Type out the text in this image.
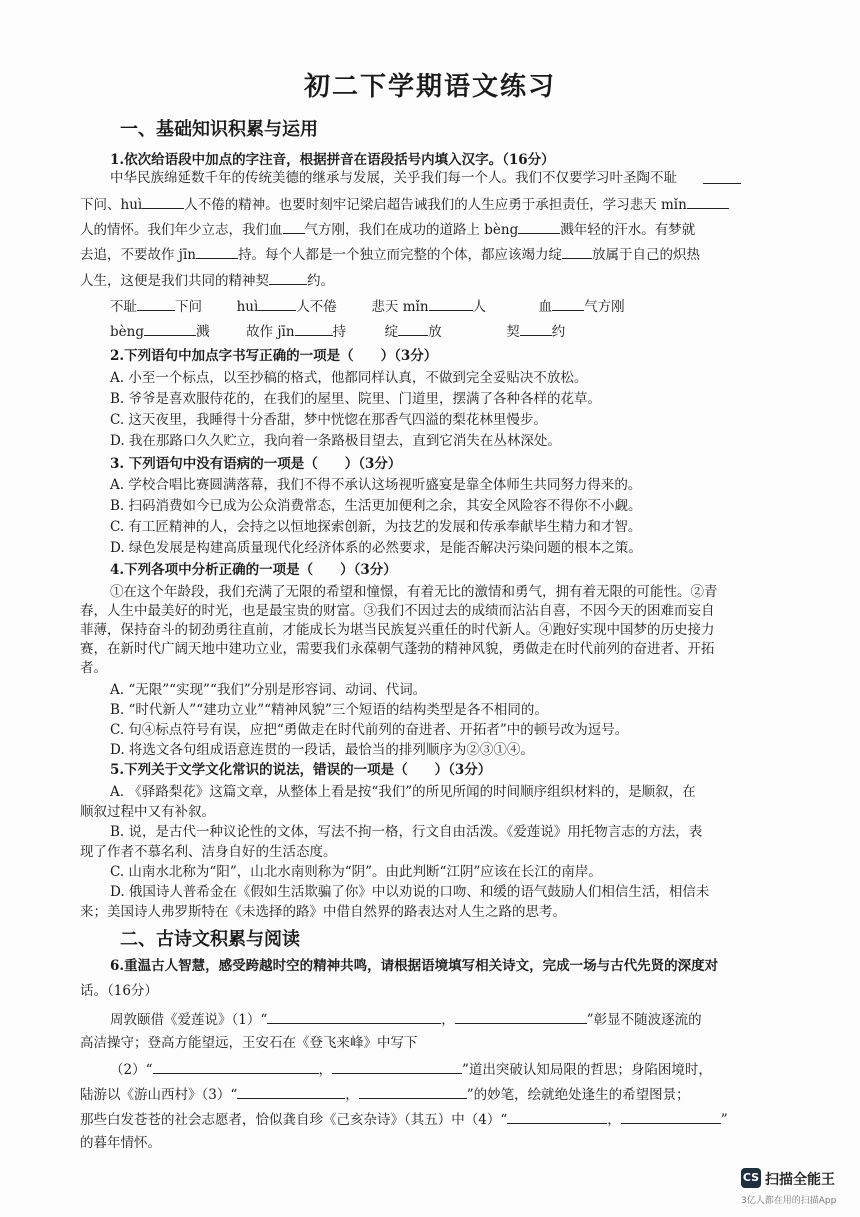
初二下学期语文练习
一、基础知识积累与运用
1.依次给语段中加点的字注音，根据拼音在语段括号内填入汉字。（16分）
中华民族绵延数千年的传统美德的继承与发展，关乎我们每一个人。我们不仅要学习叶圣陶不耻
下问、huì	人不倦的精神。也要时刻牢记梁启超告诫我们的人生应勇于承担责任，学习悲天 mǐn
人的情怀。我们年少立志，我们血 气方刚，我们在成功的道路上 bèng	溅年轻的汗水。有梦就
去追，不要故作 jīn	持。每个人都是一个独立而完整的个体，都应该竭力绽 放属于自己的炽热
人生，这便是我们共同的精神契	约。
不耻	下问	huì	人不倦	悲天 mǐn	人	血 气方刚
bèng	溅	故作 jīn	持	绽 放	契 约
2.下列语句中加点字书写正确的一项是（　　）（3分）
A. 小至一个标点，以至抄稿的格式，他都同样认真，不做到完全妥贴决不放松。
B. 爷爷是喜欢服侍花的，在我们的屋里、院里、门道里，摆满了各种各样的花草。
C. 这天夜里，我睡得十分香甜，梦中恍惚在那香气四溢的梨花林里慢步。
D. 我在那路口久久贮立，我向着一条路极目望去，直到它消失在丛林深处。
3. 下列语句中没有语病的一项是（　　）（3分）
A. 学校合唱比赛圆满落幕，我们不得不承认这场视听盛宴是靠全体师生共同努力得来的。
B. 扫码消费如今已成为公众消费常态，生活更加便利之余，其安全风险容不得你不小觑。
C. 有工匠精神的人，会持之以恒地探索创新，为技艺的发展和传承奉献毕生精力和才智。
D. 绿色发展是构建高质量现代化经济体系的必然要求，是能否解决污染问题的根本之策。
4.下列各项中分析正确的一项是（　　）（3分）
①在这个年龄段，我们充满了无限的希望和憧憬，有着无比的激情和勇气，拥有着无限的可能性。②青
春，人生中最美好的时光，也是最宝贵的财富。③我们不因过去的成绩而沾沾自喜，不因今天的困难而妄自
菲薄，保持奋斗的韧劲勇往直前，才能成长为堪当民族复兴重任的时代新人。④跑好实现中国梦的历史接力
赛，在新时代广阔天地中建功立业，需要我们永葆朝气蓬勃的精神风貌，勇做走在时代前列的奋进者、开拓
者。
A. “无限”“实现”“我们”分别是形容词、动词、代词。
B. “时代新人”“建功立业”“精神风貌”三个短语的结构类型是各不相同的。
C. 句④标点符号有误，应把“勇做走在时代前列的奋进者、开拓者”中的顿号改为逗号。
D. 将选文各句组成语意连贯的一段话，最恰当的排列顺序为②③①④。
5.下列关于文学文化常识的说法，错误的一项是（　　）（3分）
A. 《驿路梨花》这篇文章，从整体上看是按“我们”的所见所闻的时间顺序组织材料的，是顺叙，在
顺叙过程中又有补叙。
B. 说，是古代一种议论性的文体，写法不拘一格，行文自由活泼。《爱莲说》用托物言志的方法，表
现了作者不慕名利、洁身自好的生活态度。
C. 山南水北称为“阳”，山北水南则称为“阴”。由此判断“江阴”应该在长江的南岸。
D. 俄国诗人普希金在《假如生活欺骗了你》中以劝说的口吻、和缓的语气鼓励人们相信生活，相信未
来；美国诗人弗罗斯特在《未选择的路》中借自然界的路表达对人生之路的思考。
二、古诗文积累与阅读
6.重温古人智慧，感受跨越时空的精神共鸣，请根据语境填写相关诗文，完成一场与古代先贤的深度对
话。（16分）
周敦颐借《爱莲说》（1）“	，	”彰显不随波逐流的
高洁操守；登高方能望远，王安石在《登飞来峰》中写下
（2）“	，	”道出突破认知局限的哲思；身陷困境时，
陆游以《游山西村》（3）“	，	”的妙笔，绘就绝处逢生的希望图景；
那些白发苍苍的社会志愿者，恰似龚自珍《己亥杂诗》（其五）中（4）“	，	”
的暮年情怀。
CS 扫描全能王
3亿人都在用的扫描App
